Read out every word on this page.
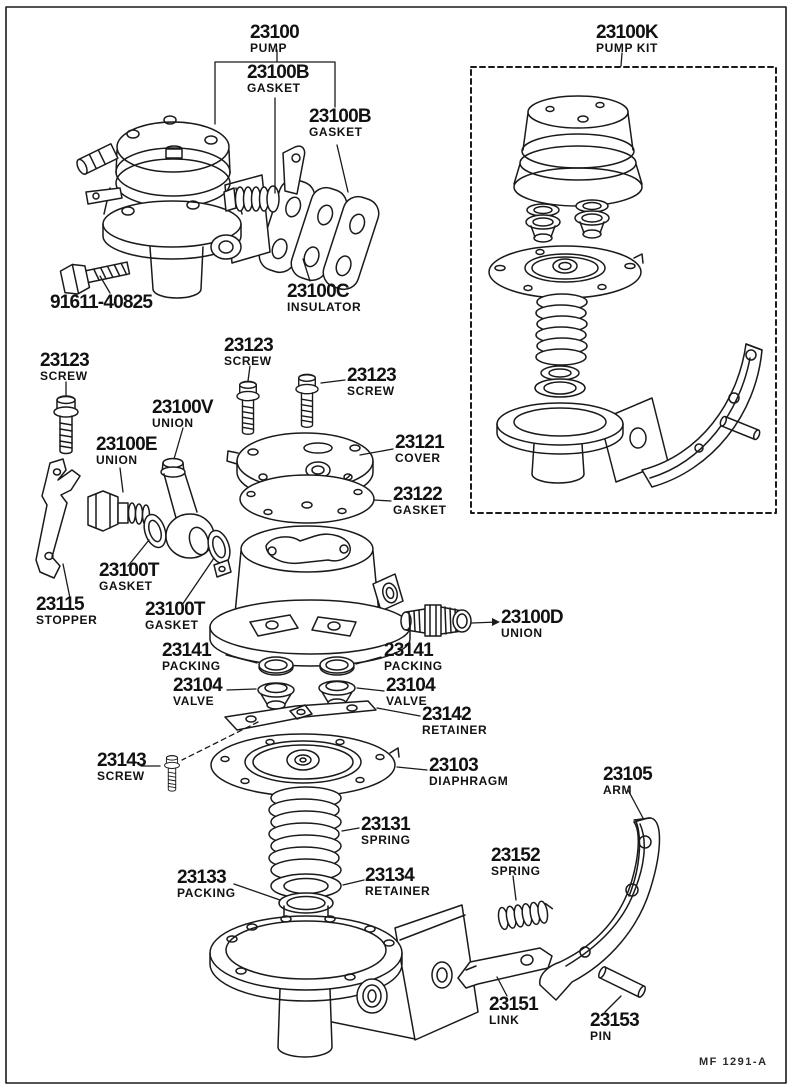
23100
PUMP
23100B
GASKET
23100B
GASKET
23100K
PUMP KIT
91611-40825
23100C
INSULATOR
23123
SCREW
23123
SCREW
23123
SCREW
23100V
UNION
23100E
UNION
23121
COVER
23122
GASKET
23100T
GASKET
23115
STOPPER	23100T
GASKET	23100D
UNION
23141
PACKING
23141
PACKING
23104
VALVE
23104
VALVE
23142
RETAINER
23143
SCREW	23103
DIAPHRAGM	23105
ARM
23131
SPRING
23152
SPRING
23133
PACKING
23134
RETAINER
23151
LINK	23153
PIN
MF 1291-A
